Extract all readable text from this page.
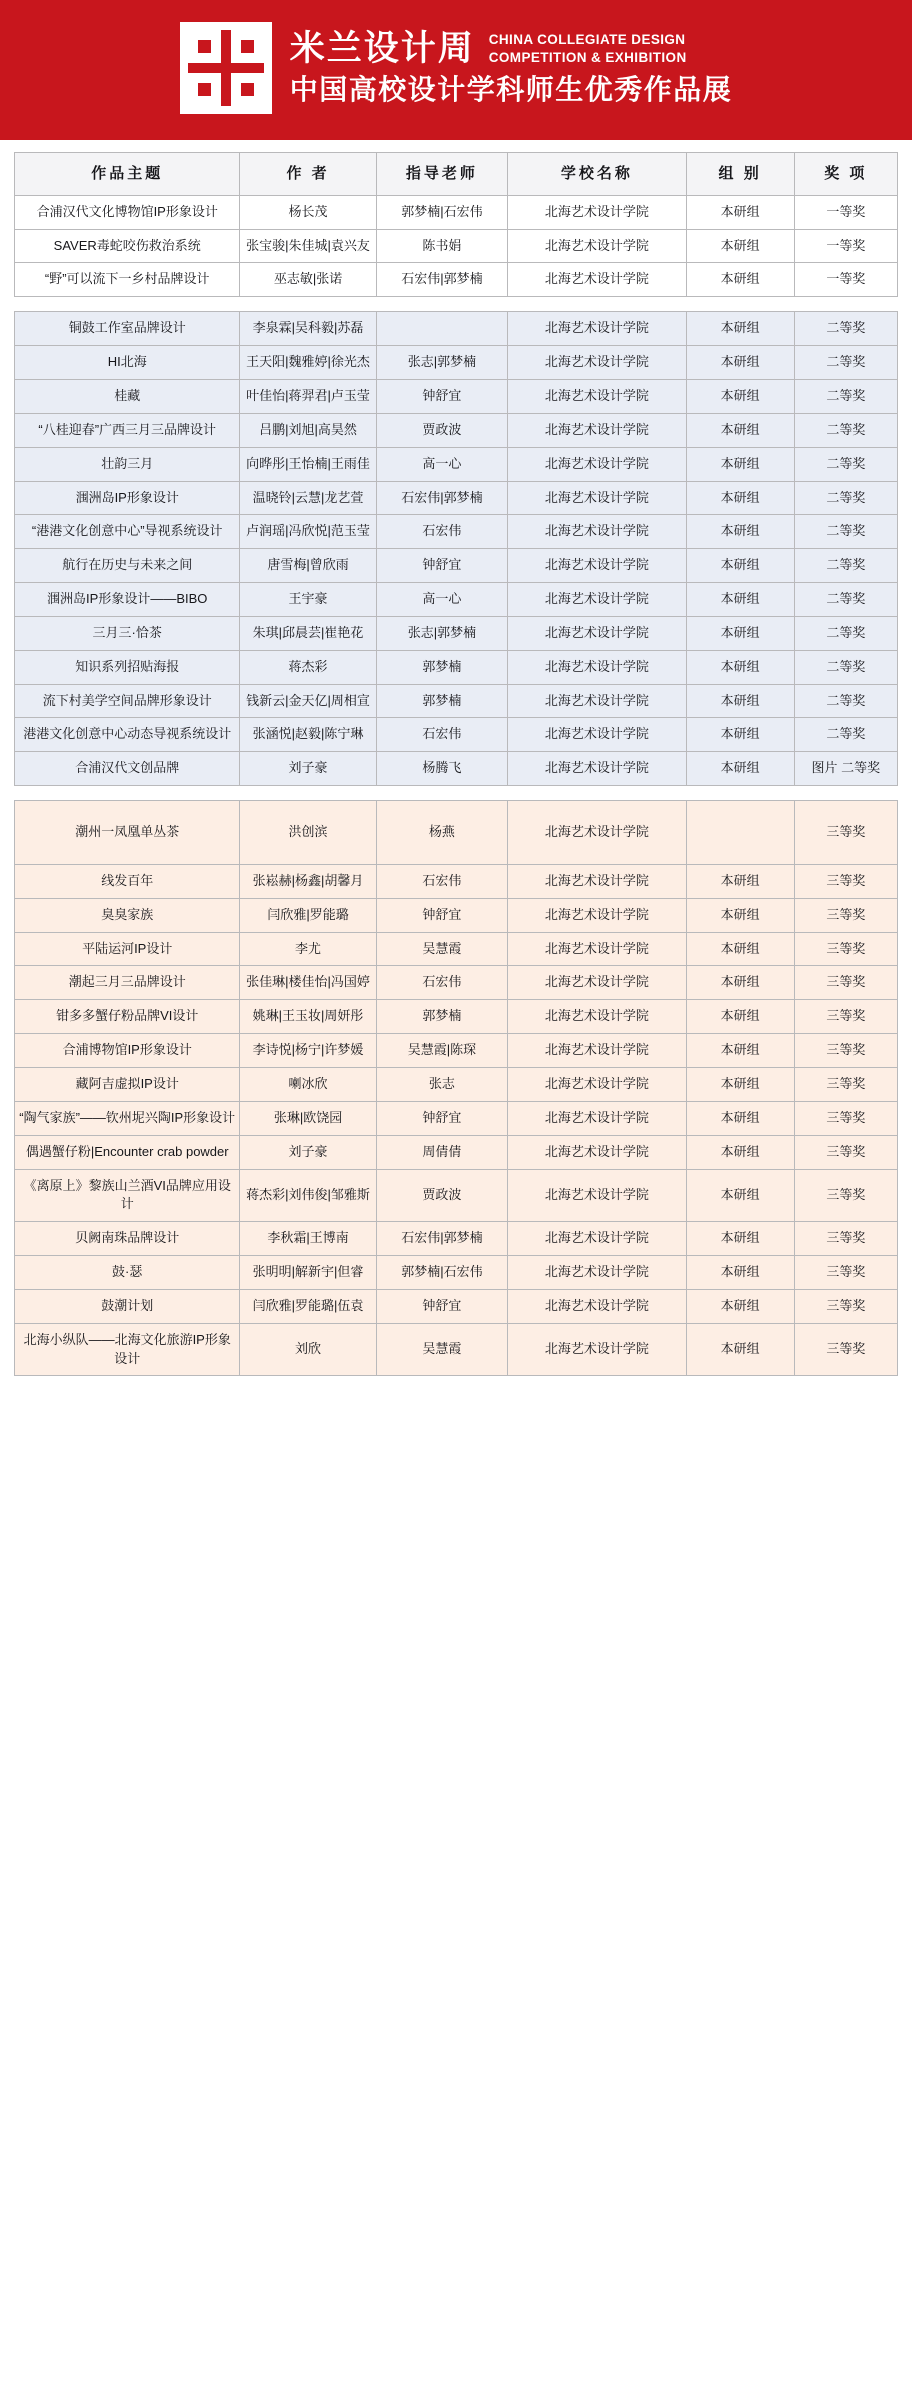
米兰设计周 CHINA COLLEGIATE DESIGN
COMPETITION & EXHIBITION
中国高校设计学科师生优秀作品展
作品主题	作 者	指导老师	学校名称	组 别	奖 项
合浦汉代文化博物馆IP形象设计	杨长茂	郭梦楠|石宏伟	北海艺术设计学院	本研组	一等奖
SAVER毒蛇咬伤救治系统	张宝骏|朱佳城|袁兴友	陈书娟	北海艺术设计学院	本研组	一等奖
“野”可以流下一乡村品牌设计	巫志敏|张诺	石宏伟|郭梦楠	北海艺术设计学院	本研组	一等奖

铜鼓工作室品牌设计	李泉霖|吴科毅|苏磊		北海艺术设计学院	本研组	二等奖
HI北海	王天阳|魏雅婷|徐光杰	张志|郭梦楠	北海艺术设计学院	本研组	二等奖
桂藏	叶佳怡|蒋羿君|卢玉莹	钟舒宜	北海艺术设计学院	本研组	二等奖
“八桂迎春”广西三月三品牌设计	吕鹏|刘旭|高昊然	贾政波	北海艺术设计学院	本研组	二等奖
壮韵三月	向晔彤|王怡楠|王雨佳	高一心	北海艺术设计学院	本研组	二等奖
涠洲岛IP形象设计	温晓铃|云慧|龙艺萱	石宏伟|郭梦楠	北海艺术设计学院	本研组	二等奖
“港港文化创意中心”导视系统设计	卢润瑶|冯欣悦|范玉莹	石宏伟	北海艺术设计学院	本研组	二等奖
航行在历史与未来之间	唐雪梅|曾欣雨	钟舒宜	北海艺术设计学院	本研组	二等奖
涠洲岛IP形象设计——BIBO	王宇豪	高一心	北海艺术设计学院	本研组	二等奖
三月三·恰茶	朱琪|邱晨芸|崔艳花	张志|郭梦楠	北海艺术设计学院	本研组	二等奖
知识系列招贴海报	蒋杰彩	郭梦楠	北海艺术设计学院	本研组	二等奖
流下村美学空间品牌形象设计	钱新云|金天亿|周相宣	郭梦楠	北海艺术设计学院	本研组	二等奖
港港文化创意中心动态导视系统设计	张涵悦|赵毅|陈宁琳	石宏伟	北海艺术设计学院	本研组	二等奖
合浦汉代文创品牌	刘子豪	杨腾飞	北海艺术设计学院	本研组	图片 二等奖

潮州一凤凰单丛茶	洪创滨	杨燕	北海艺术设计学院		三等奖
线发百年	张崧赫|杨鑫|胡馨月	石宏伟	北海艺术设计学院	本研组	三等奖
臭臭家族	闫欣雅|罗能璐	钟舒宜	北海艺术设计学院	本研组	三等奖
平陆运河IP设计	李尤	吴慧霞	北海艺术设计学院	本研组	三等奖
潮起三月三品牌设计	张佳琳|楼佳怡|冯国婷	石宏伟	北海艺术设计学院	本研组	三等奖
钳多多蟹仔粉品牌VI设计	姚琳|王玉妆|周妍彤	郭梦楠	北海艺术设计学院	本研组	三等奖
合浦博物馆IP形象设计	李诗悦|杨宁|许梦媛	吴慧霞|陈琛	北海艺术设计学院	本研组	三等奖
藏阿吉虚拟IP设计	喇冰欣	张志	北海艺术设计学院	本研组	三等奖
“陶气家族”——钦州坭兴陶IP形象设计	张琳|欧饶园	钟舒宜	北海艺术设计学院	本研组	三等奖
偶遇蟹仔粉|Encounter crab powder	刘子豪	周倩倩	北海艺术设计学院	本研组	三等奖
《离原上》黎族山兰酒VI品牌应用设计	蒋杰彩|刘伟俊|邹雅斯	贾政波	北海艺术设计学院	本研组	三等奖
贝阙南珠品牌设计	李秋霜|王博南	石宏伟|郭梦楠	北海艺术设计学院	本研组	三等奖
鼓·瑟	张明明|解新宇|但睿	郭梦楠|石宏伟	北海艺术设计学院	本研组	三等奖
鼓潮计划	闫欣雅|罗能璐|伍袁	钟舒宜	北海艺术设计学院	本研组	三等奖
北海小纵队——北海文化旅游IP形象设计	刘欣	吴慧霞	北海艺术设计学院	本研组	三等奖
